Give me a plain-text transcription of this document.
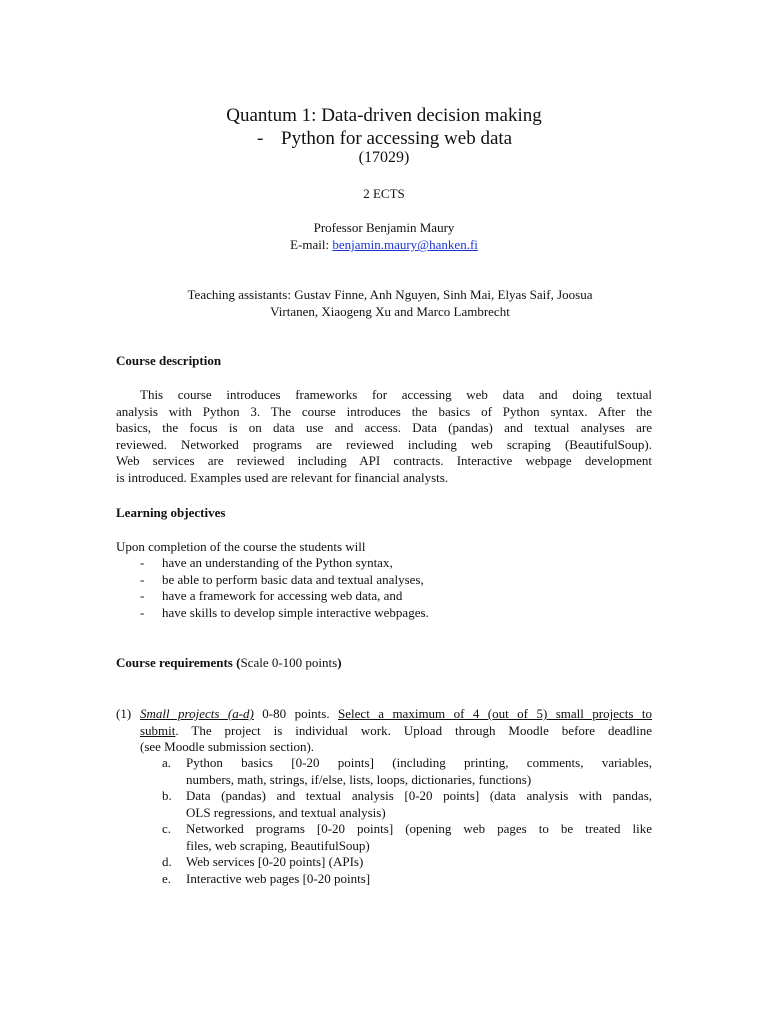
Quantum 1: Data-driven decision making
- Python for accessing web data
(17029)
2 ECTS
Professor Benjamin Maury
E-mail: benjamin.maury@hanken.fi
Teaching assistants: Gustav Finne, Anh Nguyen, Sinh Mai, Elyas Saif, Joosua
Virtanen, Xiaogeng Xu and Marco Lambrecht
Course description
This course introduces frameworks for accessing web data and doing textual
analysis with Python 3. The course introduces the basics of Python syntax. After the
basics, the focus is on data use and access. Data (pandas) and textual analyses are
reviewed. Networked programs are reviewed including web scraping (BeautifulSoup).
Web services are reviewed including API contracts. Interactive webpage development
is introduced. Examples used are relevant for financial analysts.
Learning objectives
Upon completion of the course the students will
- have an understanding of the Python syntax,
- be able to perform basic data and textual analyses,
- have a framework for accessing web data, and
- have skills to develop simple interactive webpages.
Course requirements (Scale 0-100 points)
(1) Small projects (a-d) 0-80 points. Select a maximum of 4 (out of 5) small projects to
submit. The project is individual work. Upload through Moodle before deadline
(see Moodle submission section).
a. Python basics [0-20 points] (including printing, comments, variables,
numbers, math, strings, if/else, lists, loops, dictionaries, functions)
b. Data (pandas) and textual analysis [0-20 points] (data analysis with pandas,
OLS regressions, and textual analysis)
c. Networked programs [0-20 points] (opening web pages to be treated like
files, web scraping, BeautifulSoup)
d. Web services [0-20 points] (APIs)
e. Interactive web pages [0-20 points]
